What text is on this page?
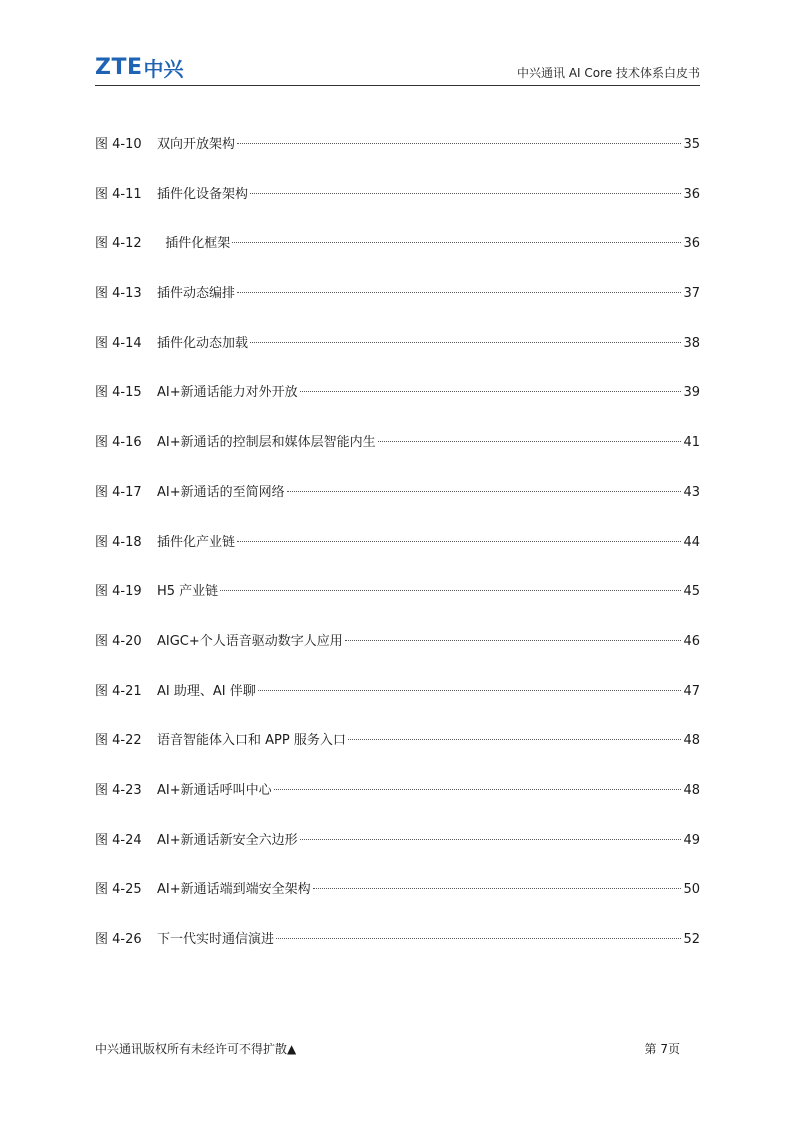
ZTE 中兴	中兴通讯 AI Core 技术体系白皮书
图 4-10	双向开放架构	35
图 4-11	插件化设备架构	36
图 4-12	插件化框架	36
图 4-13	插件动态编排	37
图 4-14	插件化动态加载	38
图 4-15	AI+新通话能力对外开放	39
图 4-16	AI+新通话的控制层和媒体层智能内生	41
图 4-17	AI+新通话的至简网络	43
图 4-18	插件化产业链	44
图 4-19	H5 产业链	45
图 4-20	AIGC+个人语音驱动数字人应用	46
图 4-21	AI 助理、AI 伴聊	47
图 4-22	语音智能体入口和 APP 服务入口	48
图 4-23	AI+新通话呼叫中心	48
图 4-24	AI+新通话新安全六边形	49
图 4-25	AI+新通话端到端安全架构	50
图 4-26	下一代实时通信演进	52
中兴通讯版权所有未经许可不得扩散▲	第 7页
